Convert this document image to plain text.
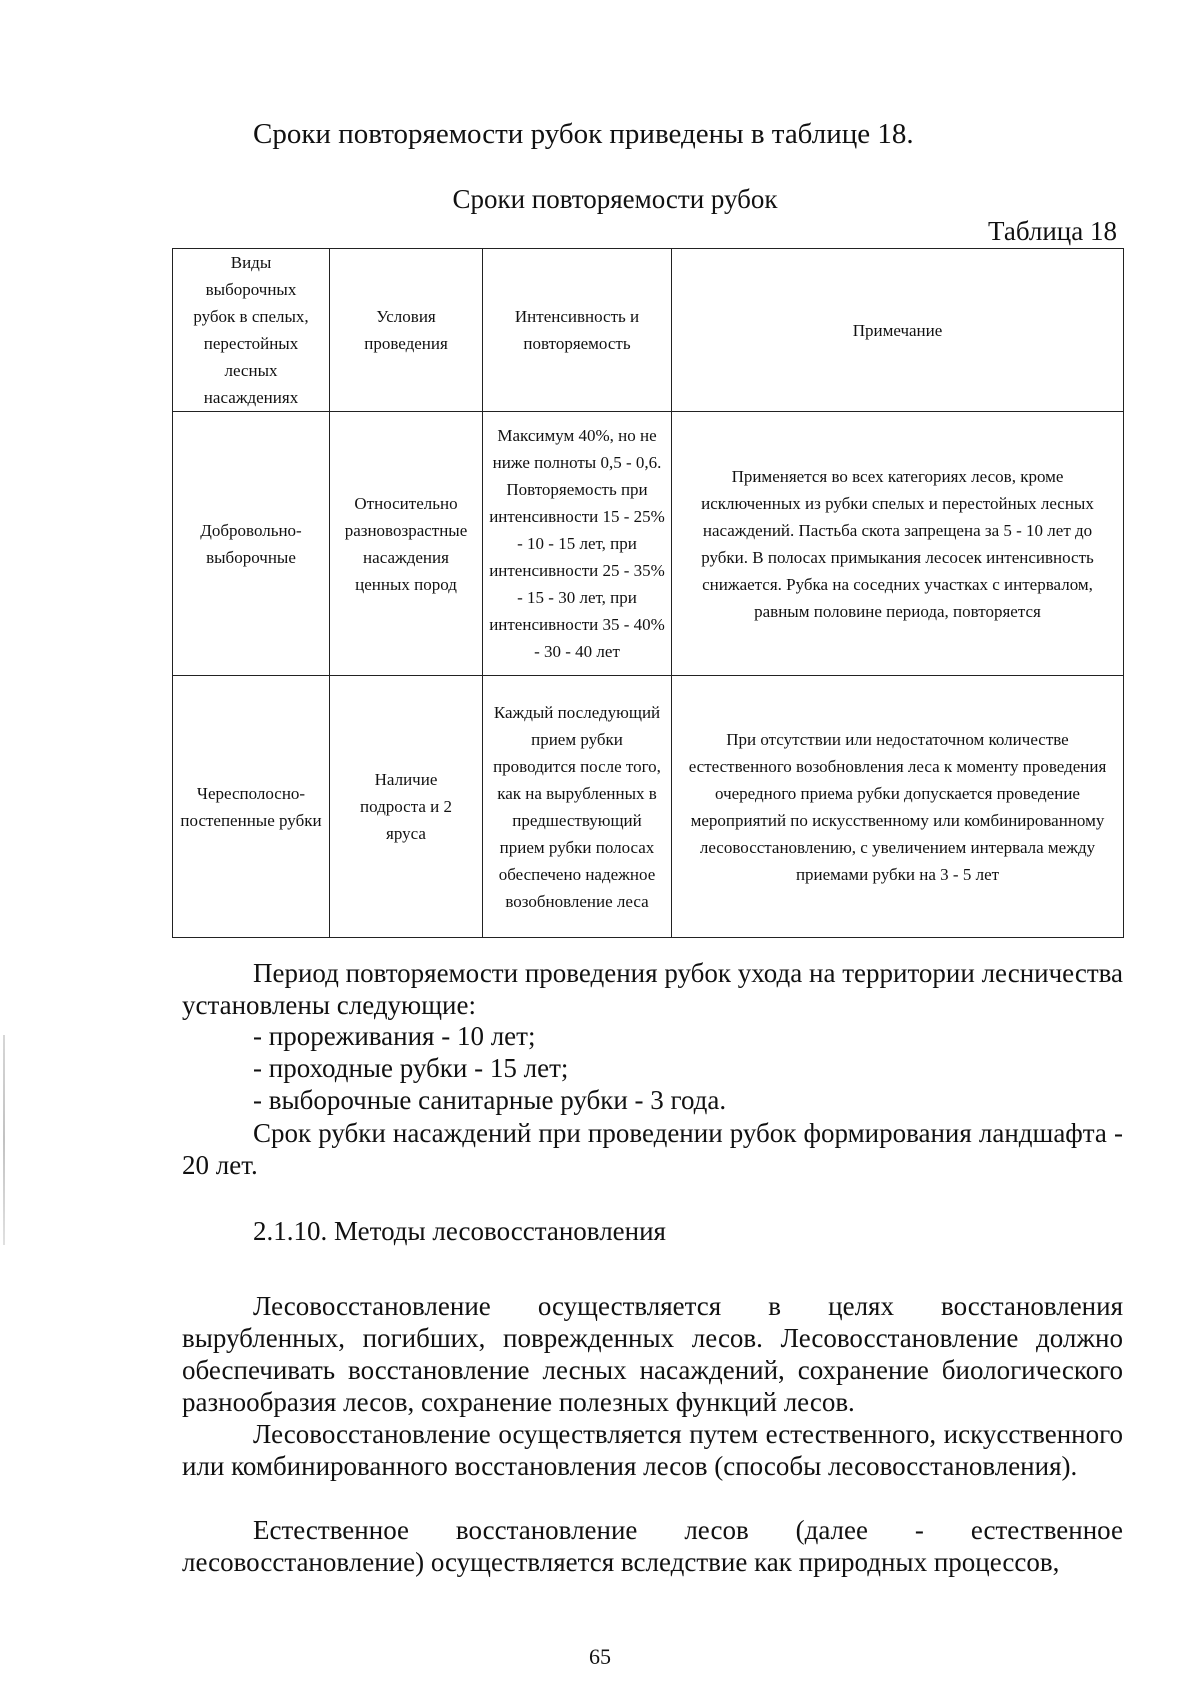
Сроки повторяемости рубок приведены в таблице 18.
Сроки повторяемости рубок
Таблица 18
Виды выборочных рубок в спелых, перестойных лесных насаждениях	Условия проведения	Интенсивность и повторяемость	Примечание
Добровольно-выборочные	Относительно разновозрастные насаждения ценных пород	Максимум 40%, но не ниже полноты 0,5 - 0,6. Повторяемость при интенсивности 15 - 25% - 10 - 15 лет, при интенсивности 25 - 35% - 15 - 30 лет, при интенсивности 35 - 40% - 30 - 40 лет	Применяется во всех категориях лесов, кроме исключенных из рубки спелых и перестойных лесных насаждений. Пастьба скота запрещена за 5 - 10 лет до рубки. В полосах примыкания лесосек интенсивность снижается. Рубка на соседних участках с интервалом, равным половине периода, повторяется
Чересполосно-постепенные рубки	Наличие подроста и 2 яруса	Каждый последующий прием рубки проводится после того, как на вырубленных в предшествующий прием рубки полосах обеспечено надежное возобновление леса	При отсутствии или недостаточном количестве естественного возобновления леса к моменту проведения очередного приема рубки допускается проведение мероприятий по искусственному или комбинированному лесовосстановлению, с увеличением интервала между приемами рубки на 3 - 5 лет
Период повторяемости проведения рубок ухода на территории лесничества установлены следующие:
- прореживания - 10 лет;
- проходные рубки - 15 лет;
- выборочные санитарные рубки - 3 года.
Срок рубки насаждений при проведении рубок формирования ландшафта - 20 лет.
2.1.10. Методы лесовосстановления
Лесовосстановление осуществляется в целях восстановления вырубленных, погибших, поврежденных лесов. Лесовосстановление должно обеспечивать восстановление лесных насаждений, сохранение биологического разнообразия лесов, сохранение полезных функций лесов.
Лесовосстановление осуществляется путем естественного, искусственного или комбинированного восстановления лесов (способы лесовосстановления).
Естественное восстановление лесов (далее - естественное лесовосстановление) осуществляется вследствие как природных процессов,
65
